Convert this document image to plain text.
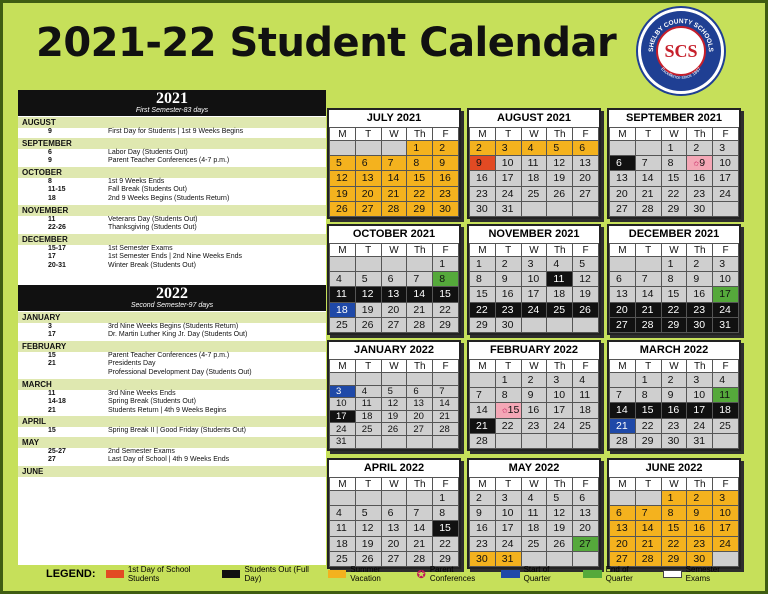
2021-22 Student Calendar	SHELBY COUNTY SCHOOLS
Excellence since 1867
SCS
2021
First Semester-83 days
AUGUST
9	First Day for Students | 1st 9 Weeks Begins
SEPTEMBER
6	Labor Day (Students Out)
9	Parent Teacher Conferences (4-7 p.m.)
OCTOBER
8	1st 9 Weeks Ends
11-15	Fall Break (Students Out)
18	2nd 9 Weeks Begins (Students Return)
NOVEMBER
11	Veterans Day (Students Out)
22-26	Thanksgiving (Students Out)
DECEMBER
15-17	1st Semester Exams
17	1st Semester Ends | 2nd Nine Weeks Ends
20-31	Winter Break (Students Out)
2022
Second Semester-97 days
JANUARY
3	3rd Nine Weeks Begins (Students Return)
17	Dr. Martin Luther King Jr. Day (Students Out)
FEBRUARY
15	Parent Teacher Conferences (4-7 p.m.)
21	Presidents Day
Professional Development Day (Students Out)
MARCH
11	3rd Nine Weeks Ends
14-18	Spring Break (Students Out)
21	Students Return | 4th 9 Weeks Begins
APRIL
15	Spring Break II | Good Friday (Students Out)
MAY
25-27	2nd Semester Exams
27	Last Day of School | 4th 9 Weeks Ends
JUNE
JULY 2021
M	T	W	Th	F
			1	2
5	6	7	8	9
12	13	14	15	16
19	20	21	22	23
26	27	28	29	30
AUGUST 2021
M	T	W	Th	F
2	3	4	5	6
9	10	11	12	13
16	17	18	19	20
23	24	25	26	27
30	31			
SEPTEMBER 2021
M	T	W	Th	F
		1	2	3
6	7	8	✩9	10
13	14	15	16	17
20	21	22	23	24
27	28	29	30	
OCTOBER 2021
M	T	W	Th	F
				1
4	5	6	7	8
11	12	13	14	15
18	19	20	21	22
25	26	27	28	29
NOVEMBER 2021
M	T	W	Th	F
1	2	3	4	5
8	9	10	11	12
15	16	17	18	19
22	23	24	25	26
29	30			
DECEMBER 2021
M	T	W	Th	F
		1	2	3
6	7	8	9	10
13	14	15	16	17
20	21	22	23	24
27	28	29	30	31
JANUARY 2022
M	T	W	Th	F

3	4	5	6	7
10	11	12	13	14
17	18	19	20	21
24	25	26	27	28
31				
FEBRUARY 2022
M	T	W	Th	F
	1	2	3	4
7	8	9	10	11
14	✩15	16	17	18
21	22	23	24	25
28				
MARCH 2022
M	T	W	Th	F
	1	2	3	4
7	8	9	10	11
14	15	16	17	18
21	22	23	24	25
28	29	30	31	
APRIL 2022
M	T	W	Th	F
				1
4	5	6	7	8
11	12	13	14	15
18	19	20	21	22
25	26	27	28	29
MAY 2022
M	T	W	Th	F
2	3	4	5	6
9	10	11	12	13
16	17	18	19	20
23	24	25	26	27
30	31			
JUNE 2022
M	T	W	Th	F
		1	2	3
6	7	8	9	10
13	14	15	16	17
20	21	22	23	24
27	28	29	30	
LEGEND:	1st Day of School Students
Students Out (Full Day)
Summer Vacation	✪ Parent Conferences
Start of Quarter
End of Quarter
Semester Exams
